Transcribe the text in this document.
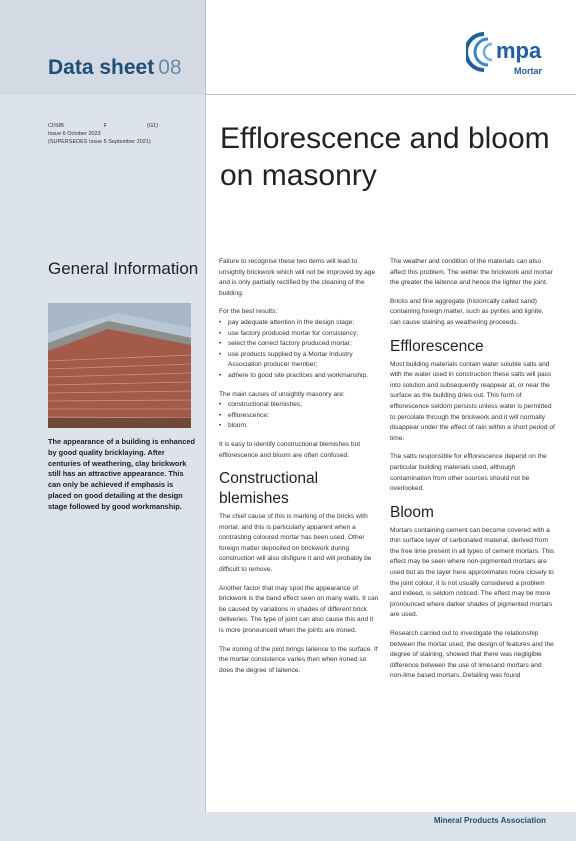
Data sheet 08
mpa
Mortar
CI/SfB	F	(G1)
Issue 6 October 2023
(SUPERSEDES Issue 5 September 2021)	Efflorescence and bloom on masonry
General Information
The appearance of a building is enhanced by good quality bricklaying. After centuries of weathering, clay brickwork still has an attractive appearance. This can only be achieved if emphasis is placed on good detailing at the design stage followed by good workmanship.

Failure to recognise these two items will lead to unsightly brickwork which will not be improved by age and is only partially rectified by the cleaning of the building.

For the best results:

• pay adequate attention in the design stage;
• use factory produced mortar for consistency;
• select the correct factory produced mortar;
• use products supplied by a Mortar Industry Association producer member;
• adhere to good site practices and workmanship.

The main causes of unsightly masonry are:

• constructional blemishes;
• efflorescence;
• bloom.

It is easy to identify constructional blemishes but efflorescence and bloom are often confused.

Constructional blemishes

The chief cause of this is marking of the bricks with mortar, and this is particularly apparent when a contrasting coloured mortar has been used. Other foreign matter deposited on brickwork during construction will also disfigure it and will probably be difficult to remove.

Another factor that may spoil the appearance of brickwork is the band effect seen on many walls. It can be caused by variations in shades of different brick deliveries. The type of joint can also cause this and it is more pronounced when the joints are ironed.

The ironing of the joint brings laitence to the surface. If the mortar consistence varies then when ironed so does the degree of laitence.

The weather and condition of the materials can also affect this problem. The wetter the brickwork and mortar the greater the laitence and hence the lighter the joint.

Bricks and fine aggregate (historically called sand) containing foreign matter, such as pyrites and lignite, can cause staining as weathering proceeds.

Efflorescence

Most building materials contain water soluble salts and with the water used in construction these salts will pass into solution and subsequently reappear at, or near the surface as the building dries out. This form of efflorescence seldom persists unless water is permitted to percolate through the brickwork and it will normally disappear under the effect of rain within a short period of time.

The salts responsible for efflorescence depend on the particular building materials used, although contamination from other sources should not be overlooked.

Bloom

Mortars containing cement can become covered with a thin surface layer of carbonated material, derived from the free lime present in all types of cement mortars. This effect may be seen where non-pigmented mortars are used but as the layer here approximates more closely to the joint colour, it is not usually considered a problem and indeed, is seldom noticed. The effect may be more pronounced where darker shades of pigmented mortars are used.

Research carried out to investigate the relationship between the mortar used, the design of features and the degree of staining, showed that there was negligible difference between the use of limesand mortars and non-lime based mortars. Detailing was found

Mineral Products Association
